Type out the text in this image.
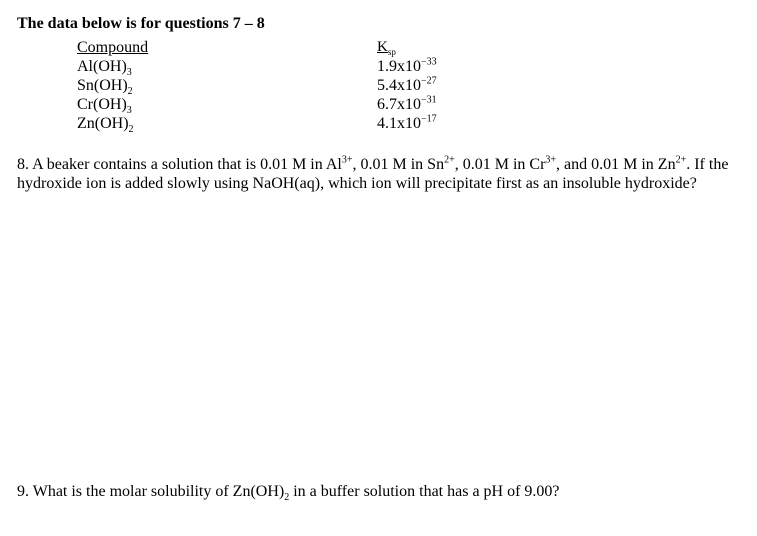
The data below is for questions 7 – 8
Compound
$Al(OH)_3$
$Sn(OH)_2$
$Cr(OH)_3$
$Zn(OH)_2$
$K_{sp}$
$1.9x10^{-33}$
$5.4x10^{-27}$
$6.7x10^{-31}$
$4.1x10^{-17}$
8. A beaker contains a solution that is 0.01 M in $Al^{3+}$, 0.01 M in $Sn^{2+}$, 0.01 M in $Cr^{3+}$, and 0.01 M in $Zn^{2+}$. If the hydroxide ion is added slowly using NaOH(aq), which ion will precipitate first as an insoluble hydroxide?
9. What is the molar solubility of $Zn(OH)_2$ in a buffer solution that has a pH of 9.00?
